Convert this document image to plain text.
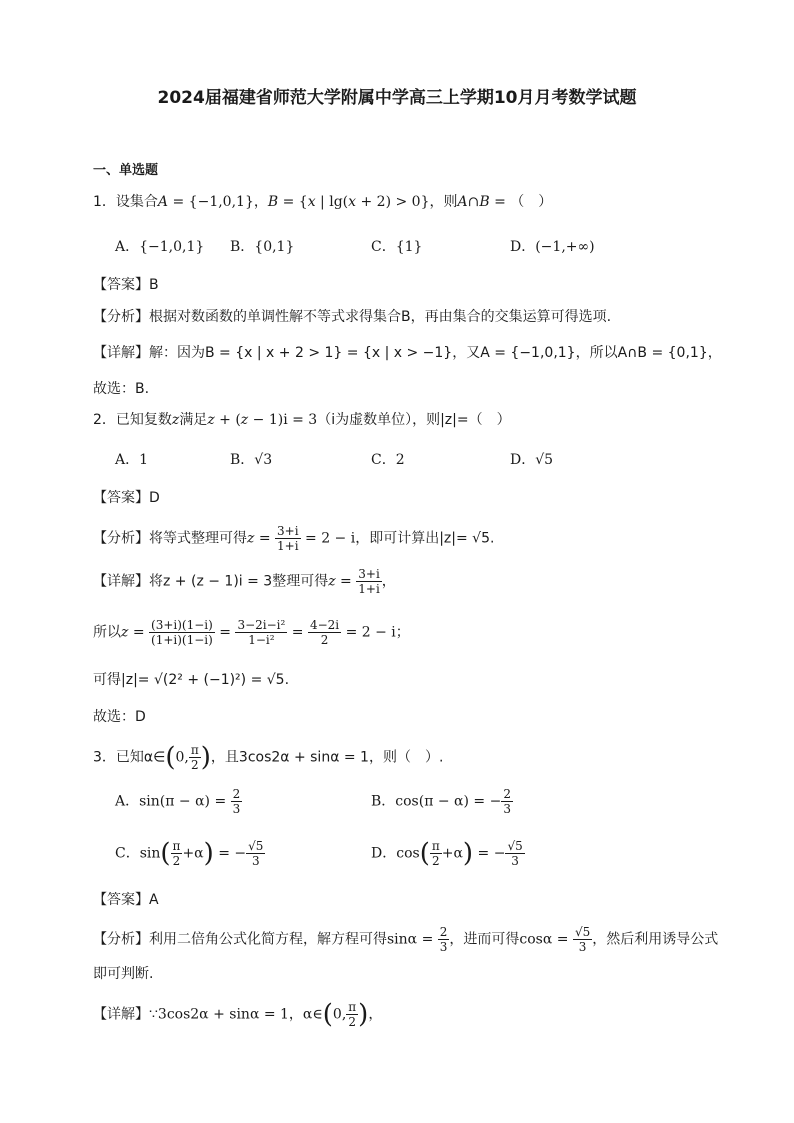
2024届福建省师范大学附属中学高三上学期10月月考数学试题
一、单选题
1．设集合A = {−1,0,1}，B = {x | lg(x + 2) > 0}，则A∩B = （　）
A．{−1,0,1} B．{0,1}	C．{1}	D．(−1,+∞)
【答案】B
【分析】根据对数函数的单调性解不等式求得集合B，再由集合的交集运算可得选项.
【详解】解：因为B = {x | x + 2 > 1} = {x | x > −1}，又A = {−1,0,1}，所以A∩B = {0,1}，
故选：B.
2．已知复数z满足z + (z − 1)i = 3（i为虚数单位），则|z|=（　）
A．1	B．√3	C．2	D．√5
【答案】D
【分析】将等式整理可得$z = \frac{3+i}{1+i} = 2 - i$，即可计算出|z|= √5.
【详解】将z + (z − 1)i = 3整理可得$z = \frac{3+i}{1+i}$ ，
所以$z = \frac{(3+i)(1-i)}{(1+i)(1-i)} = \frac{\text{3−2i−i²}}{\text{1−i²}} = \frac{4-2i}{2} = 2 - i$；
可得|z|= √(2² + (−1)²) = √5.
故选：D
3．已知α∈(0, $\frac{\pi}{2}$ )，且3cos2α + sinα = 1，则（　）.
A．$\sin(\pi - \alpha) = \frac{2}{3}$	B．cos(π − α) = − $\frac{2}{3}$
C．$\sin( \frac{\pi}{2} +\alpha)$ = − $\frac{√5}{3}$	D．$\cos( \frac{\pi}{2} +\alpha)$ = − $\frac{√5}{3}$
【答案】A
【分析】利用二倍角公式化简方程，解方程可得$\sin\alpha = \frac{2}{3}$ ，进而可得$\cos\alpha = \frac{√5}{3}$ ，然后利用诱导公式
即可判断.
【详解】∵3cos2α + sinα = 1，α∈(0, $\frac{\pi}{2}$ )，
